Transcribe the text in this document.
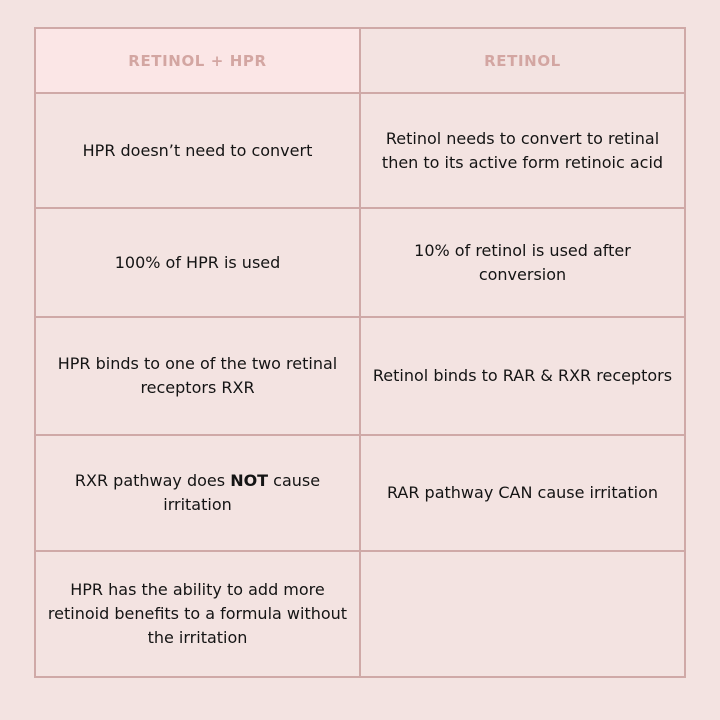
RETINOL + HPR	RETINOL
HPR doesn’t need to convert	Retinol needs to convert to retinal then to its active form retinoic acid
100% of HPR is used	10% of retinol is used after conversion
HPR binds to one of the two retinal receptors RXR	Retinol binds to RAR & RXR receptors
RXR pathway does NOT cause irritation	RAR pathway CAN cause irritation
HPR has the ability to add more retinoid benefits to a formula without the irritation	
